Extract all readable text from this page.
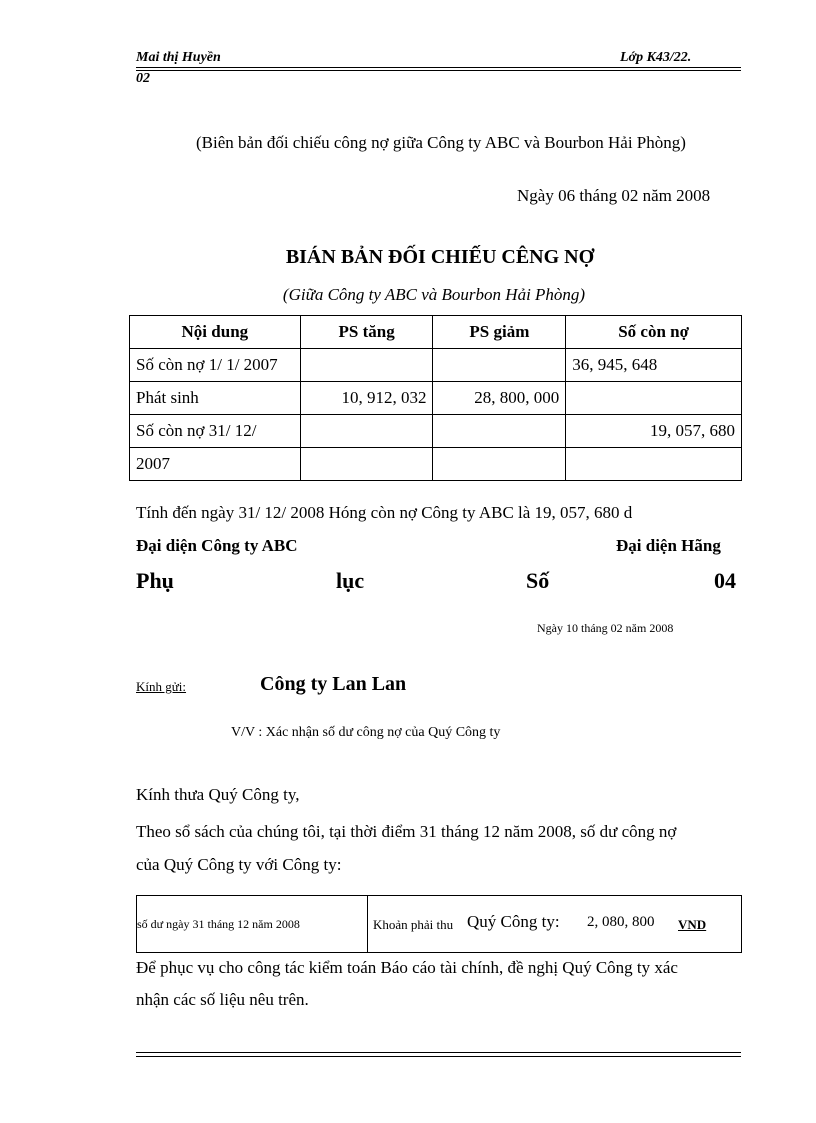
Mai thị Huyền	Lớp K43/22.
02
(Biên bản đối chiếu công nợ giữa Công ty ABC và Bourbon Hải Phòng)
Ngày 06 tháng 02 năm 2008
BIÁN BẢN ĐỐI CHIẾU CÊNG NỢ
(Giữa Công ty ABC và Bourbon Hải Phòng)
Nội dung	PS tăng	PS giảm	Số còn nợ
Số còn nợ 1/ 1/ 2007			36, 945, 648
Phát sinh	10, 912, 032	28, 800, 000	
Số còn nợ 31/ 12/			19, 057, 680
2007			
Tính đến ngày 31/ 12/ 2008 Hóng còn nợ Công ty ABC là 19, 057, 680 d
Đại diện Công ty ABC	Đại diện Hãng
Phụ	lục	Số	04
Ngày 10 tháng 02 năm 2008
Kính gửi:	Công ty Lan Lan
V/V : Xác nhận số dư công nợ của Quý Công ty
Kính thưa Quý Công ty,
Theo sổ sách của chúng tôi, tại thời điểm 31 tháng 12 năm 2008, số dư công nợ
của Quý Công ty với Công ty:
số dư ngày 31 tháng 12 năm 2008	Khoản phải thu Quý Công ty: 2, 080, 800 VND
Để phục vụ cho công tác kiểm toán Báo cáo tài chính, đề nghị Quý Công ty xác
nhận các số liệu nêu trên.
